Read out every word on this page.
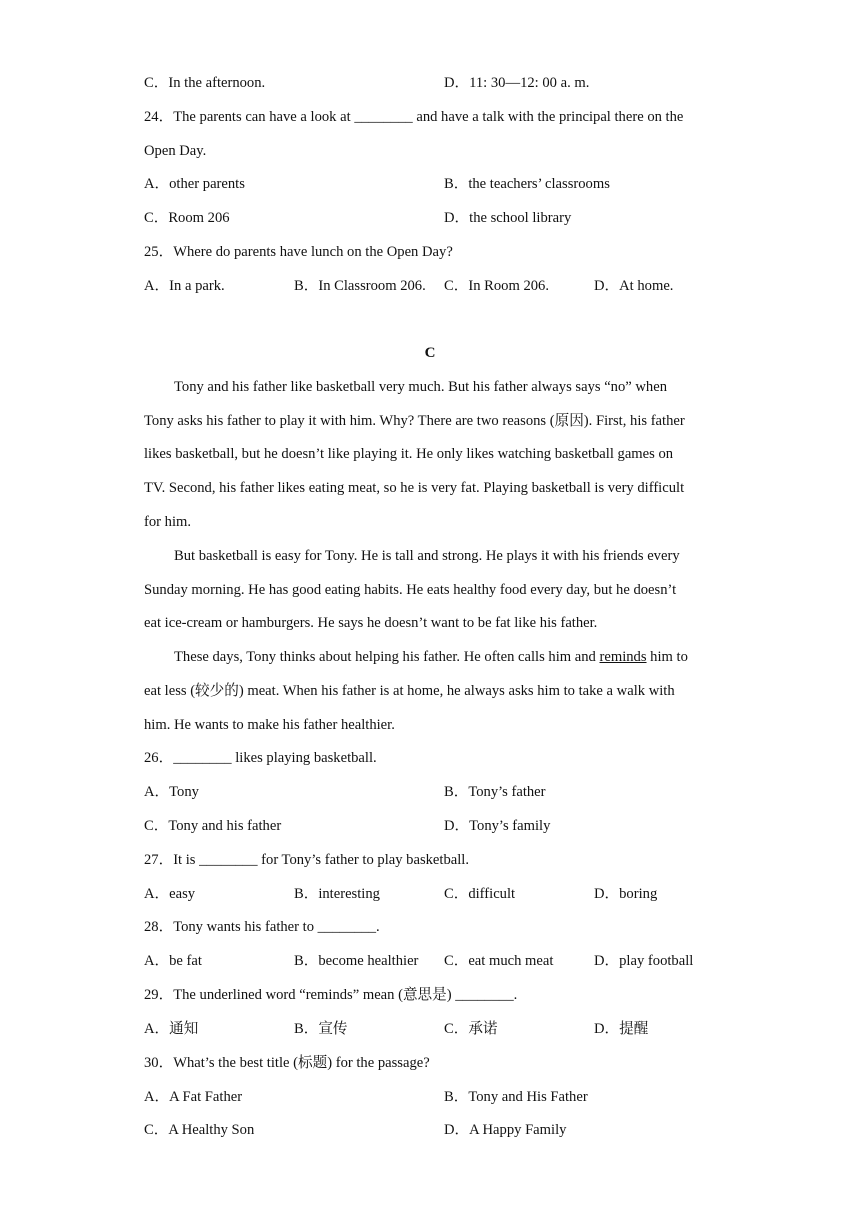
C．In the afternoon.	D．11: 30—12: 00 a. m.
24．The parents can have a look at ________ and have a talk with the principal there on the
Open Day.
A．other parents	B．the teachers’ classrooms
C．Room 206	D．the school library
25．Where do parents have lunch on the Open Day?
A．In a park.	B．In Classroom 206. C．In Room 206.	D．At home.
C
Tony and his father like basketball very much. But his father always says “no” when
Tony asks his father to play it with him. Why? There are two reasons (原因). First, his father
likes basketball, but he doesn’t like playing it. He only likes watching basketball games on
TV. Second, his father likes eating meat, so he is very fat. Playing basketball is very difficult
for him.
But basketball is easy for Tony. He is tall and strong. He plays it with his friends every
Sunday morning. He has good eating habits. He eats healthy food every day, but he doesn’t
eat ice-cream or hamburgers. He says he doesn’t want to be fat like his father.
These days, Tony thinks about helping his father. He often calls him and reminds him to
eat less (较少的) meat. When his father is at home, he always asks him to take a walk with
him. He wants to make his father healthier.
26．________ likes playing basketball.
A．Tony	B．Tony’s father
C．Tony and his father	D．Tony’s family
27．It is ________ for Tony’s father to play basketball.
A．easy	B．interesting	C．difficult	D．boring
28．Tony wants his father to ________.
A．be fat	B．become healthier C．eat much meat	D．play football
29．The underlined word “reminds” mean (意思是) ________.
A．通知	B．宣传	C．承诺	D．提醒
30．What’s the best title (标题) for the passage?
A．A Fat Father	B．Tony and His Father
C．A Healthy Son	D．A Happy Family
